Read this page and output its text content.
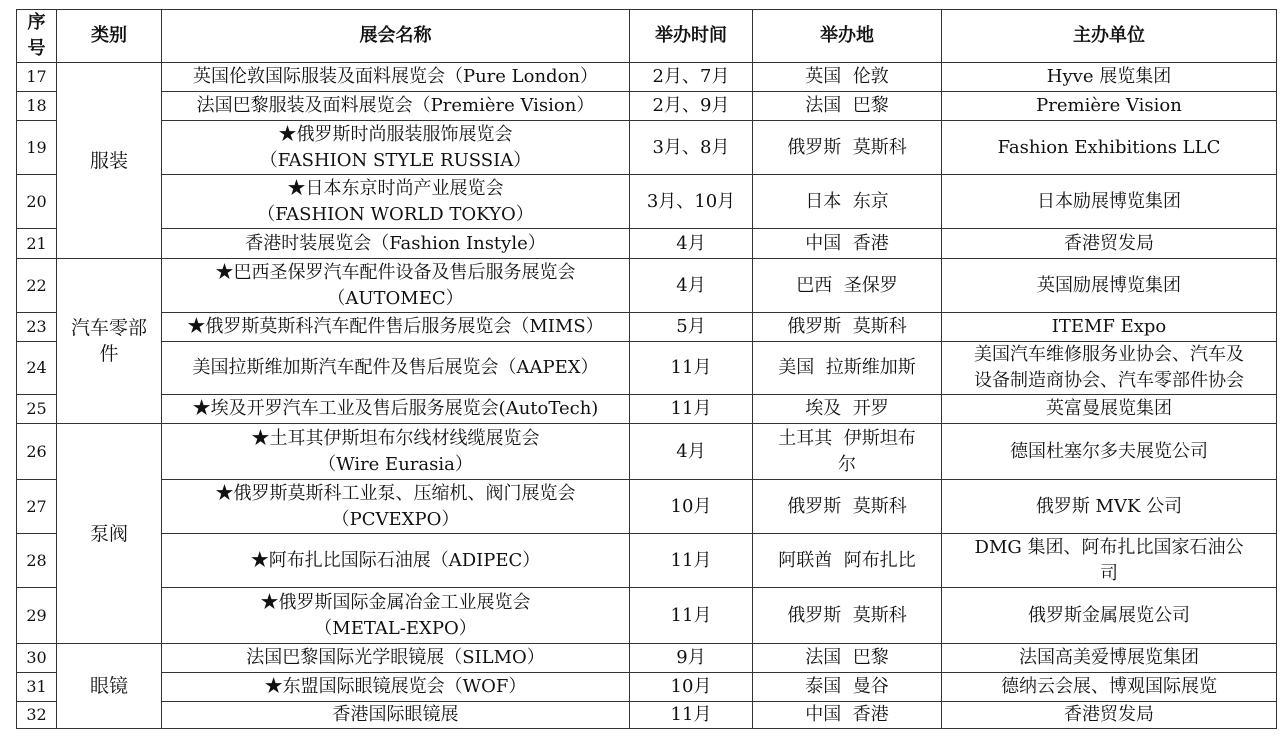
序
号	类别	展会名称	举办时间	举办地	主办单位
17	服装	英国伦敦国际服装及面料展览会（Pure London）	2月、7月	英国  伦敦	Hyve 展览集团

18		法国巴黎服装及面料展览会（Première Vision）	2月、9月	法国  巴黎	Première Vision

19		★俄罗斯时尚服装服饰展览会
（FASHION STYLE RUSSIA）	3月、8月	俄罗斯  莫斯科	Fashion Exhibitions LLC

20		★日本东京时尚产业展览会
（FASHION WORLD TOKYO）	3月、10月	日本  东京	日本励展博览集团

21		香港时装展览会（Fashion Instyle）	4月	中国  香港	香港贸发局

22	汽车零部
件	★巴西圣保罗汽车配件设备及售后服务展览会
（AUTOMEC）	4月	巴西  圣保罗	英国励展博览集团

23		★俄罗斯莫斯科汽车配件售后服务展览会（MIMS）	5月	俄罗斯  莫斯科	ITEMF Expo

24		美国拉斯维加斯汽车配件及售后展览会（AAPEX）	11月	美国  拉斯维加斯	美国汽车维修服务业协会、汽车及
设备制造商协会、汽车零部件协会

25		★埃及开罗汽车工业及售后服务展览会(AutoTech)	11月	埃及  开罗	英富曼展览集团

26	泵阀	★土耳其伊斯坦布尔线材线缆展览会
（Wire Eurasia）	4月	土耳其  伊斯坦布
尔	德国杜塞尔多夫展览公司

27		★俄罗斯莫斯科工业泵、压缩机、阀门展览会
（PCVEXPO）	10月	俄罗斯  莫斯科	俄罗斯 MVK 公司

28		★阿布扎比国际石油展（ADIPEC）	11月	阿联酋  阿布扎比	DMG 集团、阿布扎比国家石油公
司

29		★俄罗斯国际金属冶金工业展览会
（METAL-EXPO）	11月	俄罗斯  莫斯科	俄罗斯金属展览公司

30	眼镜	法国巴黎国际光学眼镜展（SILMO）	9月	法国  巴黎	法国高美爱博展览集团

31		★东盟国际眼镜展览会（WOF）	10月	泰国  曼谷	德纳云会展、博观国际展览

32		香港国际眼镜展	11月	中国  香港	香港贸发局
